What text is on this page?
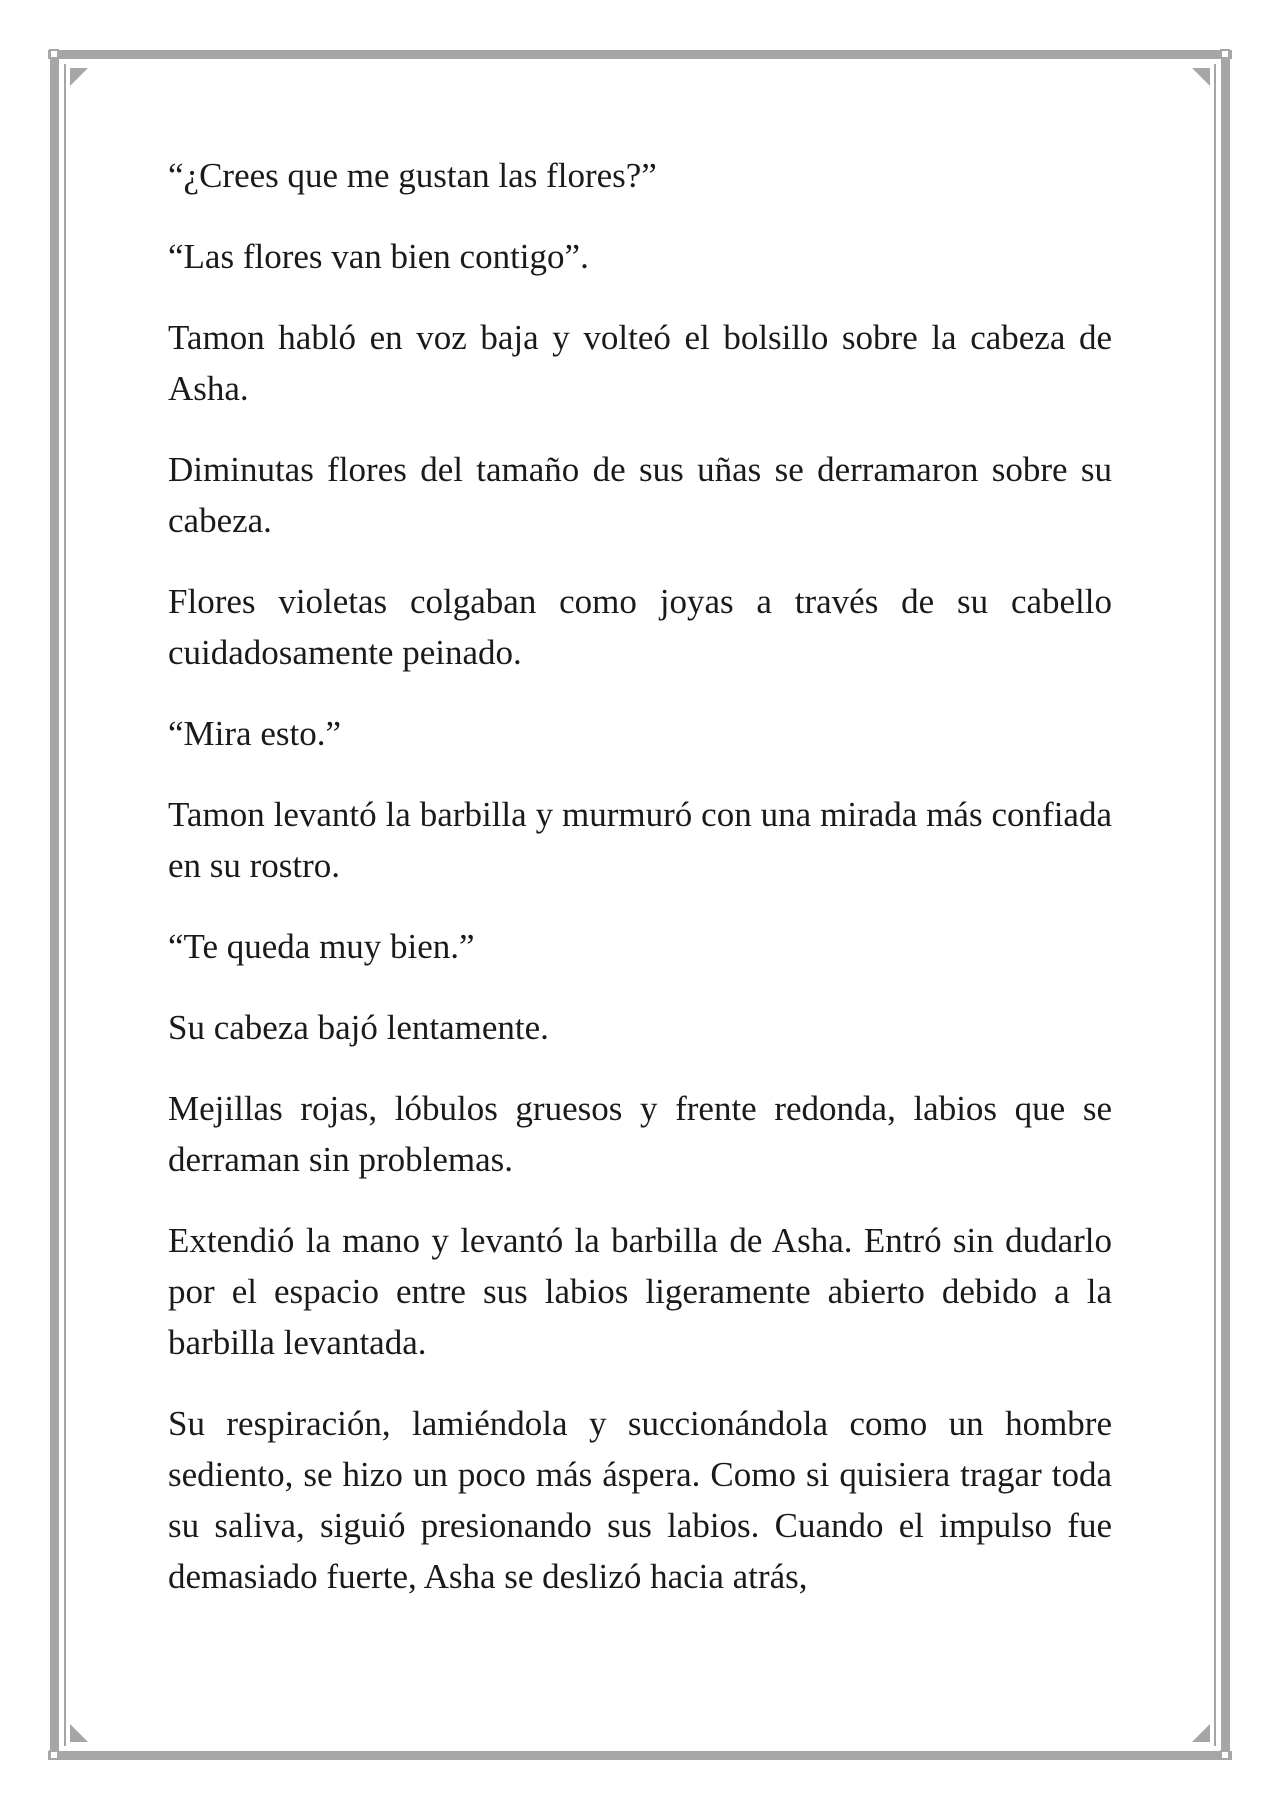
“¿Crees que me gustan las flores?”

“Las flores van bien contigo”.

Tamon habló en voz baja y volteó el bolsillo sobre la cabeza de Asha.

Diminutas flores del tamaño de sus uñas se derramaron sobre su cabeza.

Flores violetas colgaban como joyas a través de su cabello cuidadosamente peinado.

“Mira esto.”

Tamon levantó la barbilla y murmuró con una mirada más confiada en su rostro.

“Te queda muy bien.”

Su cabeza bajó lentamente.

Mejillas rojas, lóbulos gruesos y frente redonda, labios que se derraman sin problemas.

Extendió la mano y levantó la barbilla de Asha. Entró sin dudarlo por el espacio entre sus labios ligeramente abierto debido a la barbilla levantada.

Su respiración, lamiéndola y succionándola como un hombre sediento, se hizo un poco más áspera. Como si quisiera tragar toda su saliva, siguió presionando sus labios. Cuando el impulso fue demasiado fuerte, Asha se deslizó hacia atrás,
